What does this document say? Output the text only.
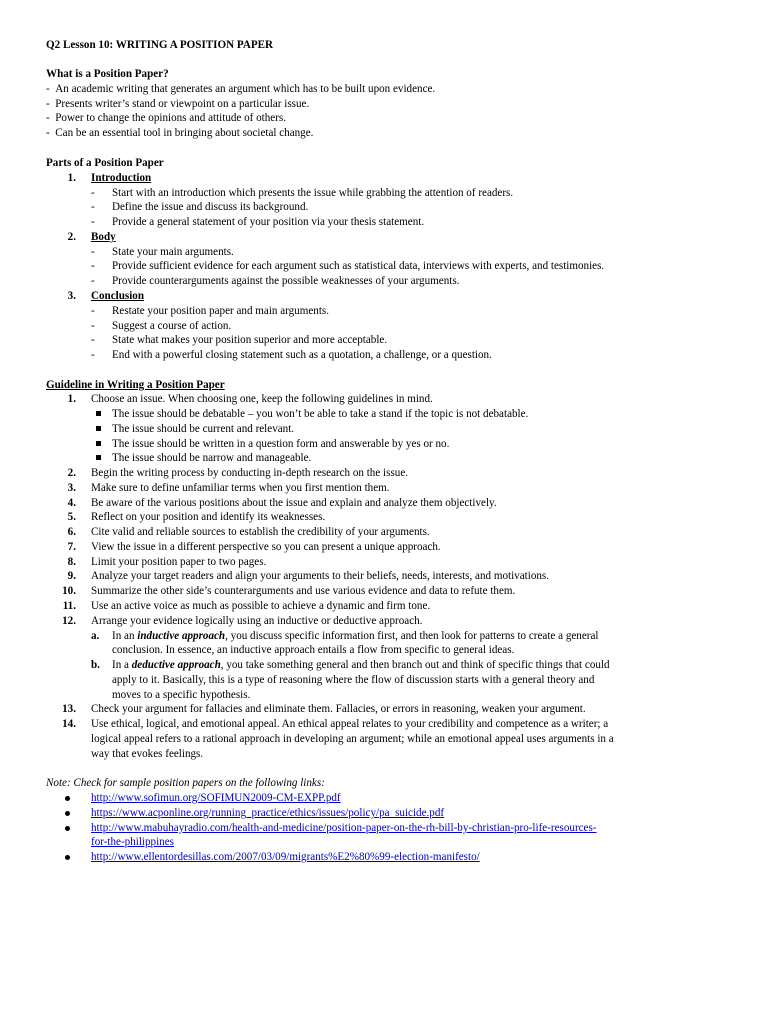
Q2 Lesson 10: WRITING A POSITION PAPER
What is a Position Paper?
-  An academic writing that generates an argument which has to be built upon evidence.
-  Presents writer’s stand or viewpoint on a particular issue.
-  Power to change the opinions and attitude of others.
-  Can be an essential tool in bringing about societal change.
Parts of a Position Paper
1. Introduction
- Start with an introduction which presents the issue while grabbing the attention of readers.
- Define the issue and discuss its background.
- Provide a general statement of your position via your thesis statement.
2. Body
- State your main arguments.
- Provide sufficient evidence for each argument such as statistical data, interviews with experts, and testimonies.
- Provide counterarguments against the possible weaknesses of your arguments.
3. Conclusion
- Restate your position paper and main arguments.
- Suggest a course of action.
- State what makes your position superior and more acceptable.
- End with a powerful closing statement such as a quotation, a challenge, or a question.
Guideline in Writing a Position Paper
1. Choose an issue. When choosing one, keep the following guidelines in mind.
The issue should be debatable – you won’t be able to take a stand if the topic is not debatable.
The issue should be current and relevant.
The issue should be written in a question form and answerable by yes or no.
The issue should be narrow and manageable.
2. Begin the writing process by conducting in-depth research on the issue.
3. Make sure to define unfamiliar terms when you first mention them.
4. Be aware of the various positions about the issue and explain and analyze them objectively.
5. Reflect on your position and identify its weaknesses.
6. Cite valid and reliable sources to establish the credibility of your arguments.
7. View the issue in a different perspective so you can present a unique approach.
8. Limit your position paper to two pages.
9. Analyze your target readers and align your arguments to their beliefs, needs, interests, and motivations.
10. Summarize the other side’s counterarguments and use various evidence and data to refute them.
11. Use an active voice as much as possible to achieve a dynamic and firm tone.
12. Arrange your evidence logically using an inductive or deductive approach.
a. In an inductive approach, you discuss specific information first, and then look for patterns to create a general
conclusion. In essence, an inductive approach entails a flow from specific to general ideas.
b. In a deductive approach, you take something general and then branch out and think of specific things that could
apply to it. Basically, this is a type of reasoning where the flow of discussion starts with a general theory and
moves to a specific hypothesis.
13. Check your argument for fallacies and eliminate them. Fallacies, or errors in reasoning, weaken your argument.
14. Use ethical, logical, and emotional appeal. An ethical appeal relates to your credibility and competence as a writer; a
logical appeal refers to a rational approach in developing an argument; while an emotional appeal uses arguments in a
way that evokes feelings.
Note: Check for sample position papers on the following links:
http://www.sofimun.org/SOFIMUN2009-CM-EXPP.pdf
https://www.acponline.org/running_practice/ethics/issues/policy/pa_suicide.pdf
http://www.mabuhayradio.com/health-and-medicine/position-paper-on-the-rh-bill-by-christian-pro-life-resources-
for-the-philippines
http://www.ellentordesillas.com/2007/03/09/migrants%E2%80%99-election-manifesto/
